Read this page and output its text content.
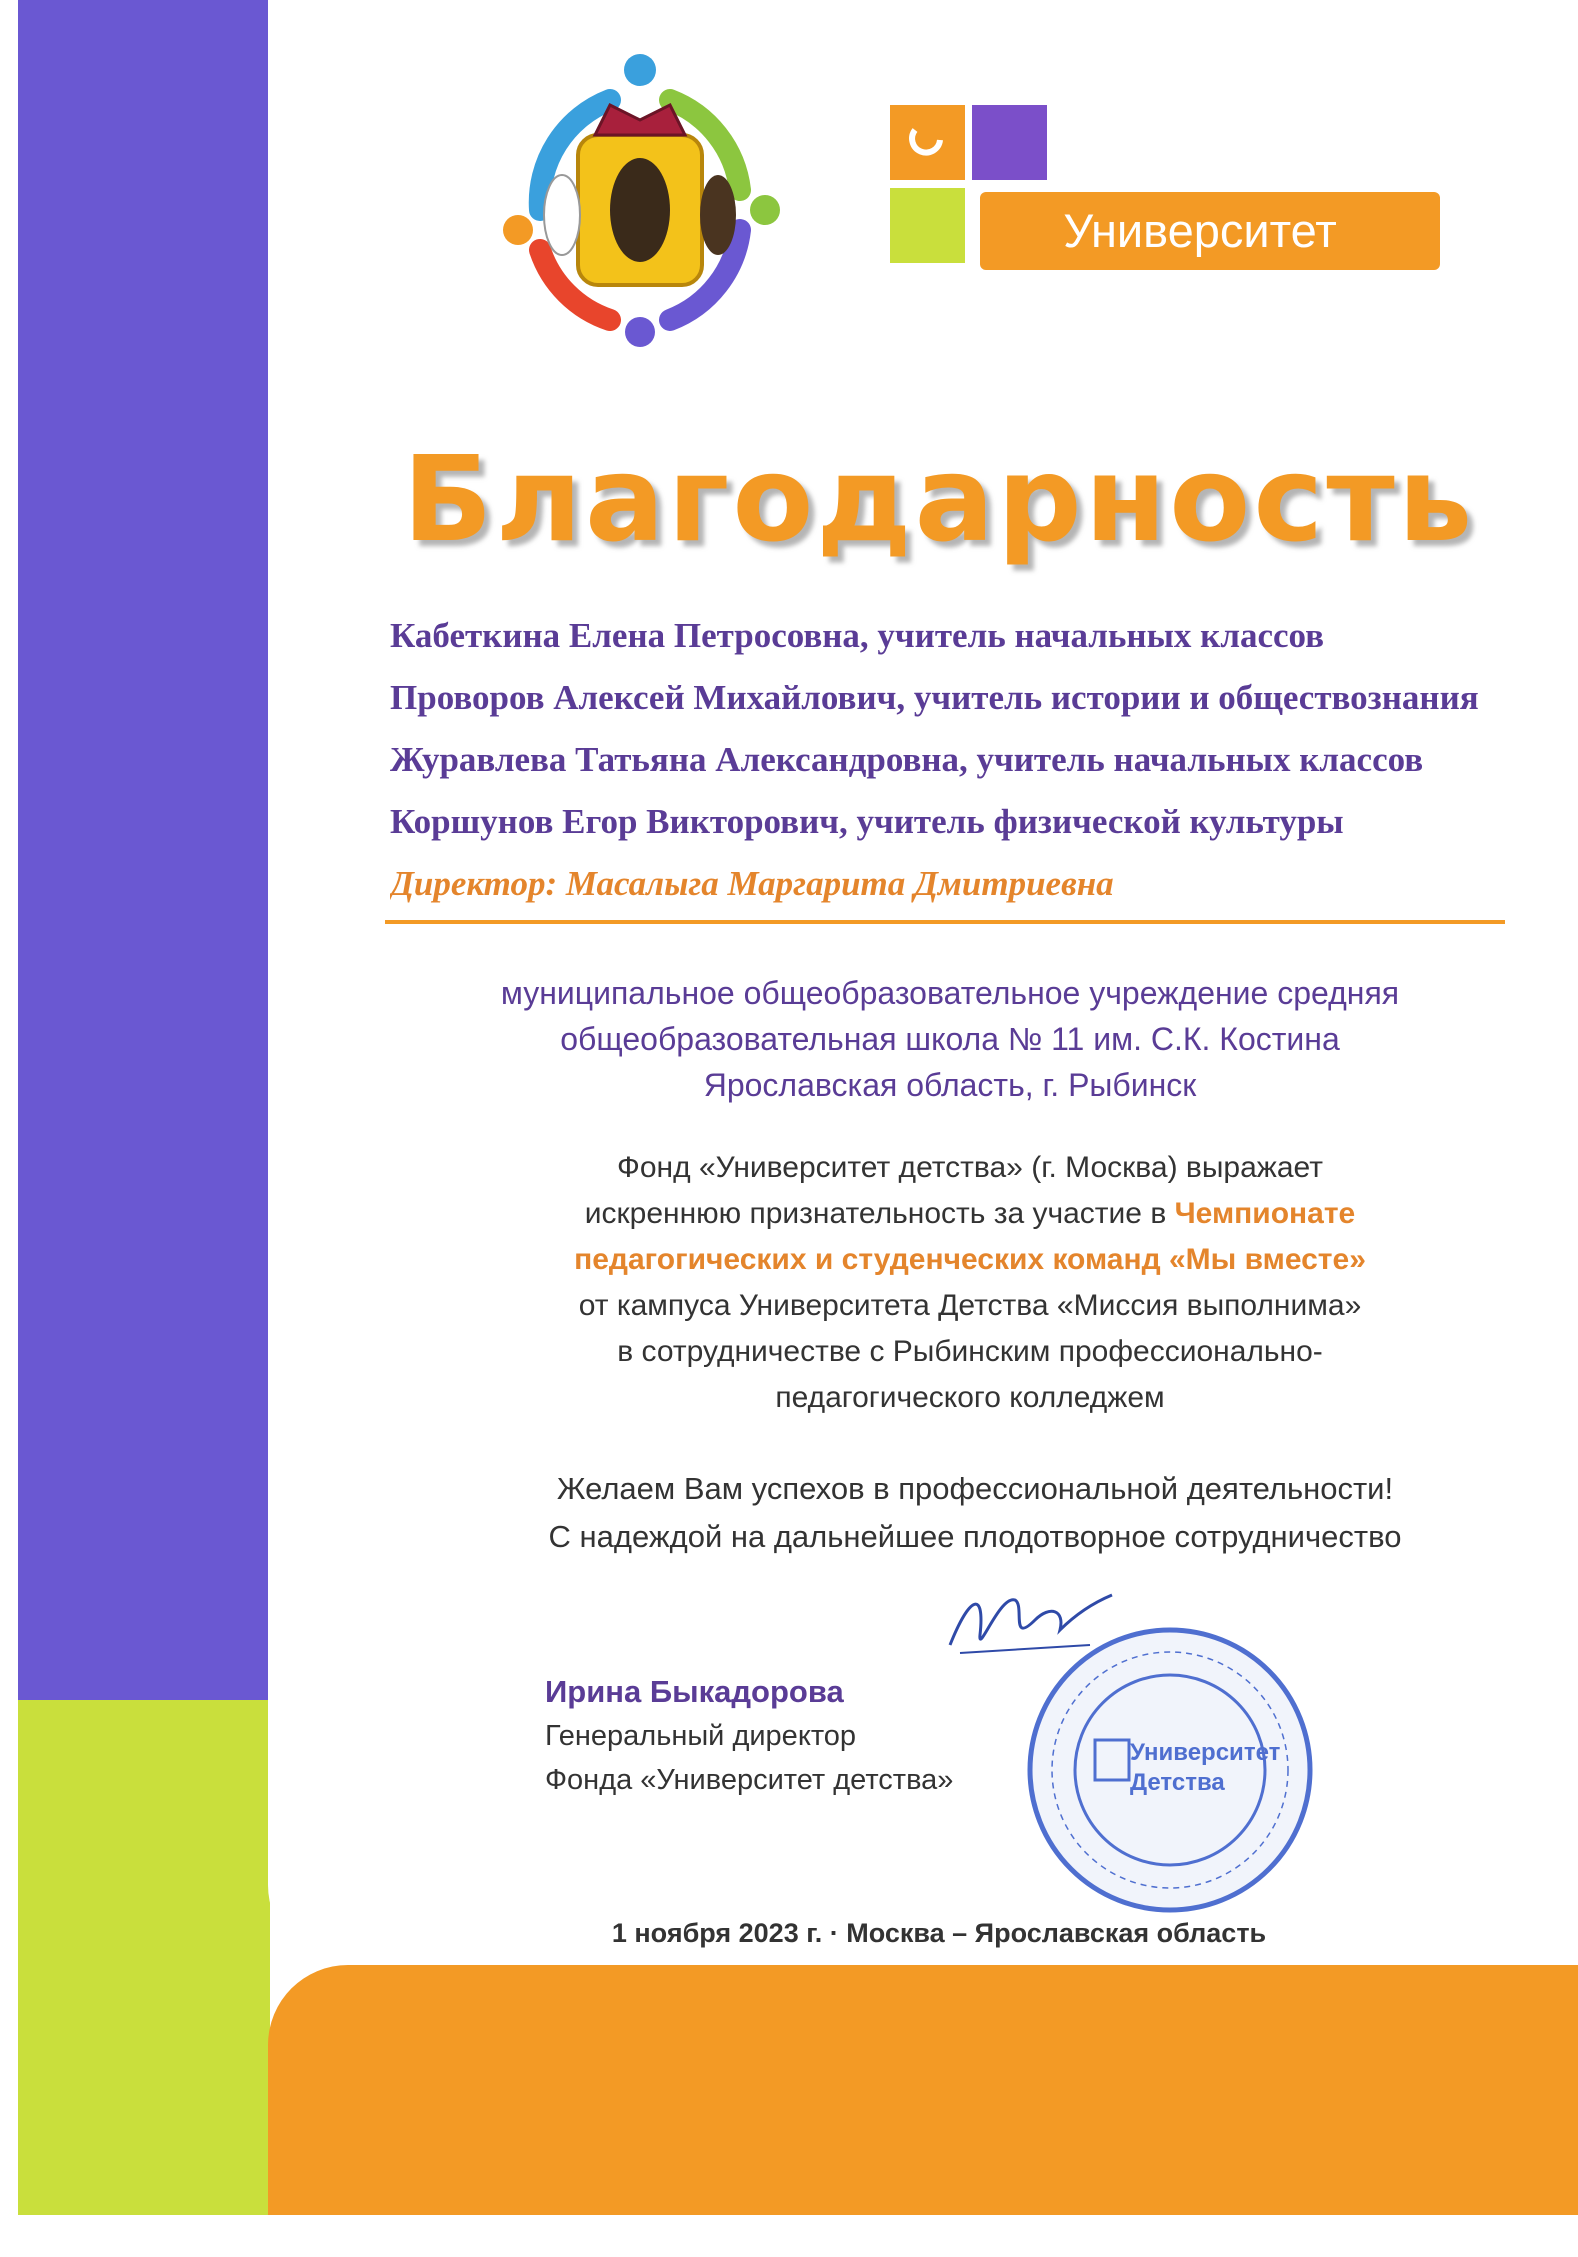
Университет Детства
Благодарность
Кабеткина Елена Петросовна, учитель начальных классов
Проворов Алексей Михайлович, учитель истории и обществознания
Журавлева Татьяна Александровна, учитель начальных классов
Коршунов Егор Викторович, учитель физической культуры
Директор: Масалыга Маргарита Дмитриевна
муниципальное общеобразовательное учреждение средняя
общеобразовательная школа № 11 им. С.К. Костина
Ярославская область, г. Рыбинск
Фонд «Университет детства» (г. Москва) выражает
искреннюю признательность за участие в Чемпионате педагогических и студенческих команд «Мы вместе»
от кампуса Университета Детства «Миссия выполнима»
в сотрудничестве с Рыбинским профессионально-
педагогического колледжем
Желаем Вам успехов в профессиональной деятельности!
С надеждой на дальнейшее плодотворное сотрудничество
Ирина Быкадорова
Генеральный директор
Фонда «Университет детства»
Университет Детства
1 ноября 2023 г. · Москва – Ярославская область
